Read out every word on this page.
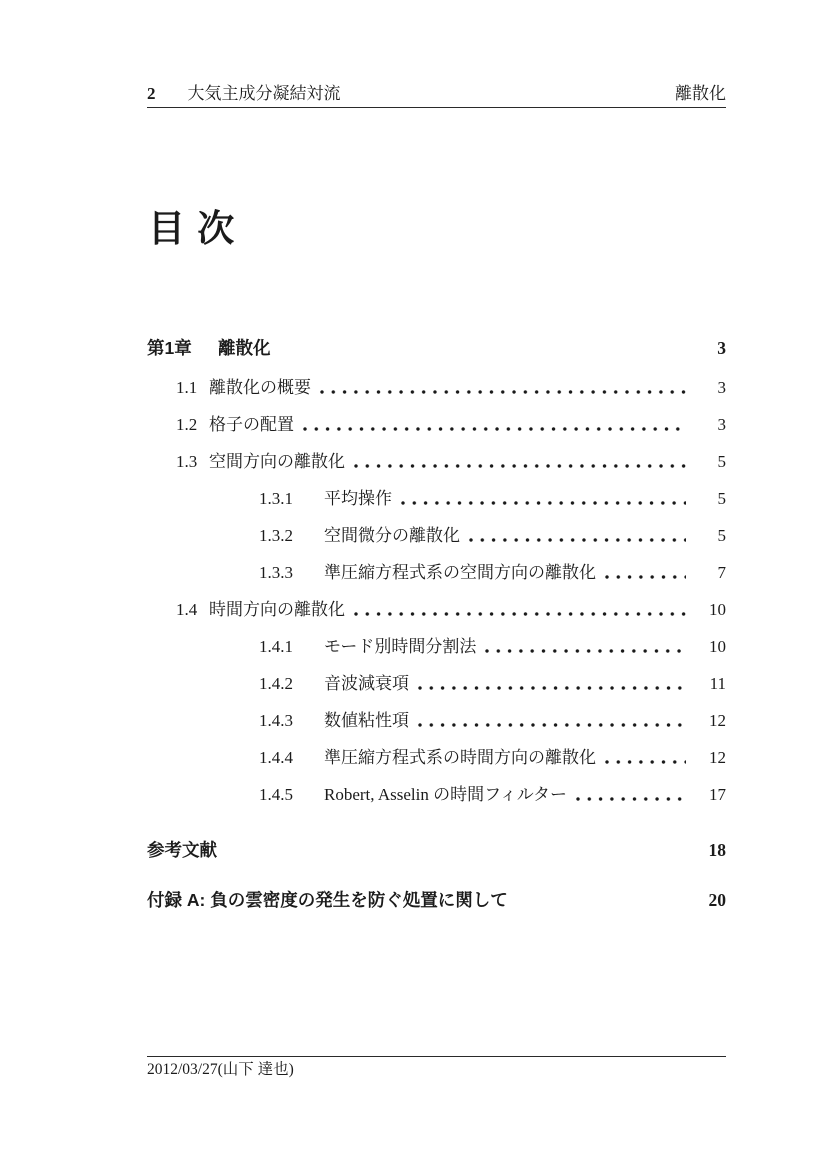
2 大気主成分凝結対流	離散化
目 次
第1章	離散化	3
1.1 離散化の概要	3
1.2 格子の配置	3
1.3 空間方向の離散化	5
1.3.1	平均操作	5
1.3.2	空間微分の離散化	5
1.3.3	準圧縮方程式系の空間方向の離散化	7
1.4 時間方向の離散化	10
1.4.1	モード別時間分割法	10
1.4.2	音波減衰項	11
1.4.3	数値粘性項	12
1.4.4	準圧縮方程式系の時間方向の離散化	12
1.4.5	Robert, Asselin の時間フィルター	17
参考文献	18
付録 A: 負の雲密度の発生を防ぐ処置に関して	20
2012/03/27(山下 達也)
